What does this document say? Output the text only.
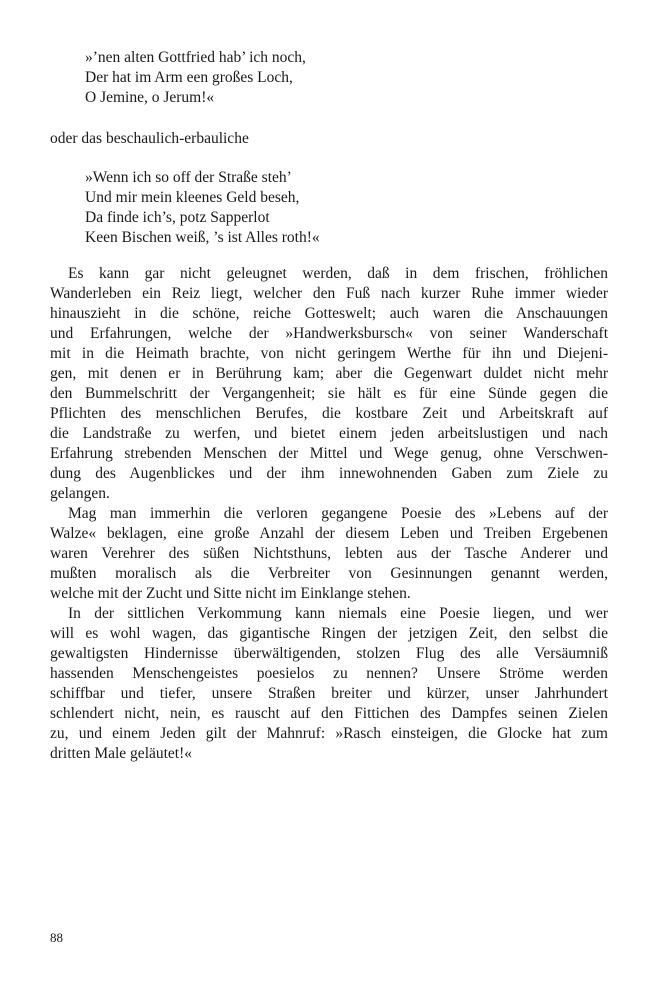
»’nen alten Gottfried hab’ ich noch,
Der hat im Arm een großes Loch,
O Jemine, o Jerum!«
oder das beschaulich-erbauliche
»Wenn ich so off der Straße steh’
Und mir mein kleenes Geld beseh,
Da finde ich’s, potz Sapperlot
Keen Bischen weiß, ’s ist Alles roth!«
Es kann gar nicht geleugnet werden, daß in dem frischen, fröhlichen
Wanderleben ein Reiz liegt, welcher den Fuß nach kurzer Ruhe immer wieder
hinauszieht in die schöne, reiche Gotteswelt; auch waren die Anschauungen
und Erfahrungen, welche der »Handwerksbursch« von seiner Wanderschaft
mit in die Heimath brachte, von nicht geringem Werthe für ihn und Diejeni-
gen, mit denen er in Berührung kam; aber die Gegenwart duldet nicht mehr
den Bummelschritt der Vergangenheit; sie hält es für eine Sünde gegen die
Pflichten des menschlichen Berufes, die kostbare Zeit und Arbeitskraft auf
die Landstraße zu werfen, und bietet einem jeden arbeitslustigen und nach
Erfahrung strebenden Menschen der Mittel und Wege genug, ohne Verschwen-
dung des Augenblickes und der ihm innewohnenden Gaben zum Ziele zu
gelangen.
Mag man immerhin die verloren gegangene Poesie des »Lebens auf der
Walze« beklagen, eine große Anzahl der diesem Leben und Treiben Ergebenen
waren Verehrer des süßen Nichtsthuns, lebten aus der Tasche Anderer und
mußten moralisch als die Verbreiter von Gesinnungen genannt werden,
welche mit der Zucht und Sitte nicht im Einklange stehen.
In der sittlichen Verkommung kann niemals eine Poesie liegen, und wer
will es wohl wagen, das gigantische Ringen der jetzigen Zeit, den selbst die
gewaltigsten Hindernisse überwältigenden, stolzen Flug des alle Versäumniß
hassenden Menschengeistes poesielos zu nennen? Unsere Ströme werden
schiffbar und tiefer, unsere Straßen breiter und kürzer, unser Jahrhundert
schlendert nicht, nein, es rauscht auf den Fittichen des Dampfes seinen Zielen
zu, und einem Jeden gilt der Mahnruf: »Rasch einsteigen, die Glocke hat zum
dritten Male geläutet!«
88
